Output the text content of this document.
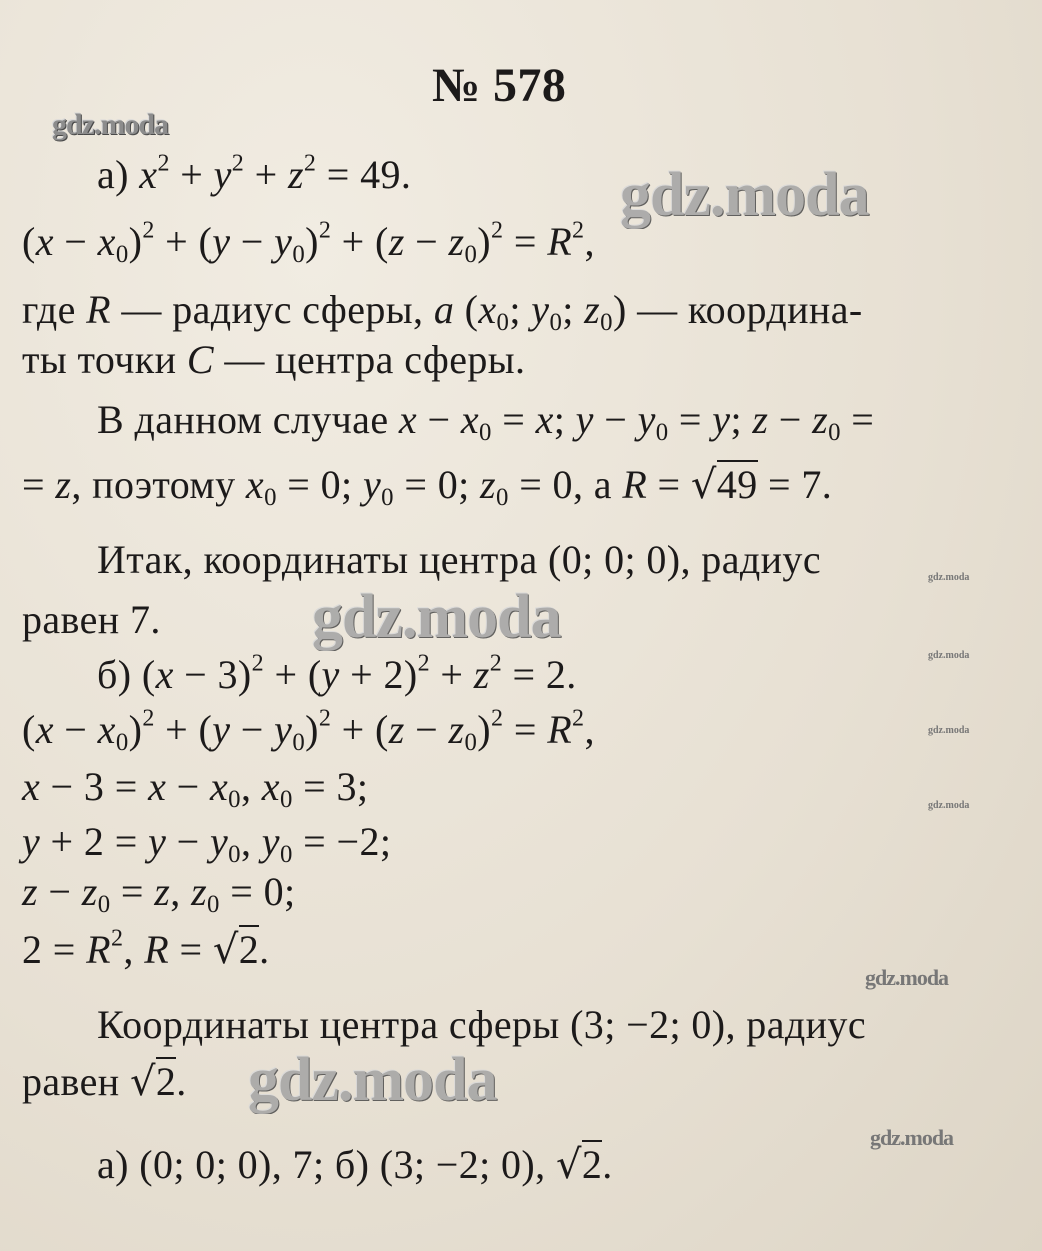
№ 578
а) $x^2 + y^2 + z^2 = 49$.
$(x - x_0)^2 + (y - y_0)^2 + (z - z_0)^2 = R^2$,
где R — радиус сферы, а ($x_0$; $y_0$; $z_0$) — координа-
ты точки C — центра сферы.
В данном случае $x - x_0 = x$; $y - y_0 = y$; $z - z_0$ =
= z, поэтому $x_0 = 0$; $y_0 = 0$; $z_0 = 0$, а R = √49 = 7.
Итак, координаты центра (0; 0; 0), радиус
равен 7.
б) $(x - 3)^2 + (y + 2)^2 + z^2 = 2$.
$(x - x_0)^2 + (y - y_0)^2 + (z - z_0)^2 = R^2$,
$x - 3 = x - x_0$, $x_0 = 3$;
$y + 2 = y - y_0$, $y_0 = -2$;
$z - z_0 = z$, $z_0 = 0$;
$2 = R^2$, R = √2.
Координаты центра сферы (3; −2; 0), радиус
равен √2.
а) (0; 0; 0), 7; б) (3; −2; 0), √2.
gdz.moda
gdz.moda
gdz.moda
gdz.moda
gdz.moda
gdz.moda
gdz.moda
gdz.moda
gdz.moda
gdz.moda
